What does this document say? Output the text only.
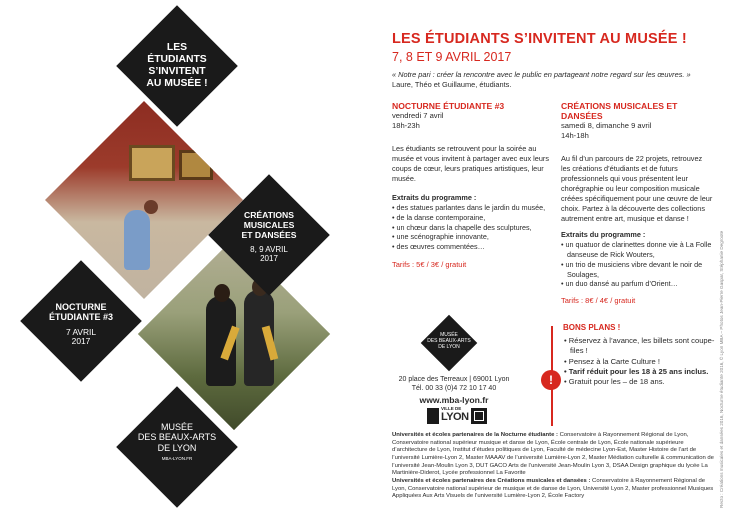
LES
ÉTUDIANTS
S’INVITENT
AU MUSÉE !
CRÉATIONS
MUSICALES
ET DANSÉES
8, 9 AVRIL
2017
NOCTURNE
ÉTUDIANTE #3
7 AVRIL
2017
MUSÉE
DES BEAUX-ARTS
DE LYON
MBA-LYON.FR
LES ÉTUDIANTS S’INVITENT AU MUSÉE !
7, 8 ET 9 AVRIL 2017
« Notre pari : créer la rencontre avec le public en partageant notre regard sur les œuvres. » Laure, Théo et Guillaume, étudiants.
NOCTURNE ÉTUDIANTE #3
vendredi 7 avril
18h-23h
Les étudiants se retrouvent pour la soirée au musée et vous invitent à partager avec eux leurs coups de cœur, leurs pratiques artistiques, leur musée.
Extraits du programme :
• des statues parlantes dans le jardin du musée,
• de la danse contemporaine,
• un chœur dans la chapelle des sculptures,
• une scénographie innovante,
• des œuvres commentées…
Tarifs : 5€ / 3€ / gratuit
CRÉATIONS MUSICALES ET DANSÉES
samedi 8, dimanche 9 avril
14h-18h
Au fil d’un parcours de 22 projets, retrouvez les créations d’étudiants et de futurs professionnels qui vous présentent leur chorégraphie ou leur composition musicale créées spécifiquement pour une œuvre de leur choix. Partez à la découverte des collections autrement entre art, musique et danse !
Extraits du programme :
• un quatuor de clarinettes donne vie à La Folle danseuse de Rick Wouters,
• un trio de musiciens vibre devant le noir de Soulages,
• un duo dansé au parfum d’Orient…
Tarifs : 8€ / 4€ / gratuit
MUSÉE
DES BEAUX-ARTS
DE LYON
20 place des Terreaux | 69001 Lyon
Tél. 00 33 (0)4 72 10 17 40
www.mba-lyon.fr
VILLE DE
LYON
!
BONS PLANS !
• Réservez à l’avance, les billets sont coupe-files !
• Pensez à la Carte Culture !
• Tarif réduit pour les 18 à 25 ans inclus.
• Gratuit pour les – de 18 ans.
Universités et écoles partenaires de la Nocturne étudiante : Conservatoire à Rayonnement Régional de Lyon, Conservatoire national supérieur musique et danse de Lyon, École centrale de Lyon, École nationale supérieure d’architecture de Lyon, Institut d’études politiques de Lyon, Faculté de médecine Lyon-Est, Master Histoire de l’art de l’université Lumière-Lyon 2, Master MAAAV de l’université Lumière-Lyon 2, Master Médiation culturelle & communication de l’université Jean-Moulin Lyon 3, DUT GACO Arts de l’université Jean-Moulin Lyon 3, DSAA Design graphique du lycée La Martinière-Diderot, Lycée professionnel La Favorite
Universités et écoles partenaires des Créations musicales et dansées : Conservatoire à Rayonnement Régional de Lyon, Conservatoire national supérieur de musique et de danse de Lyon, Université Lyon 2, Master professionnel Musiques Appliquées Aux Arts Visuels de l’université Lumière-Lyon 2, École Factory	Recto : Créations musicales et dansées 2016, Nocturne étudiante 2016, © Lyon MBA – Photos Jean-Pierre Gaspar, Stéphanie Degroote
